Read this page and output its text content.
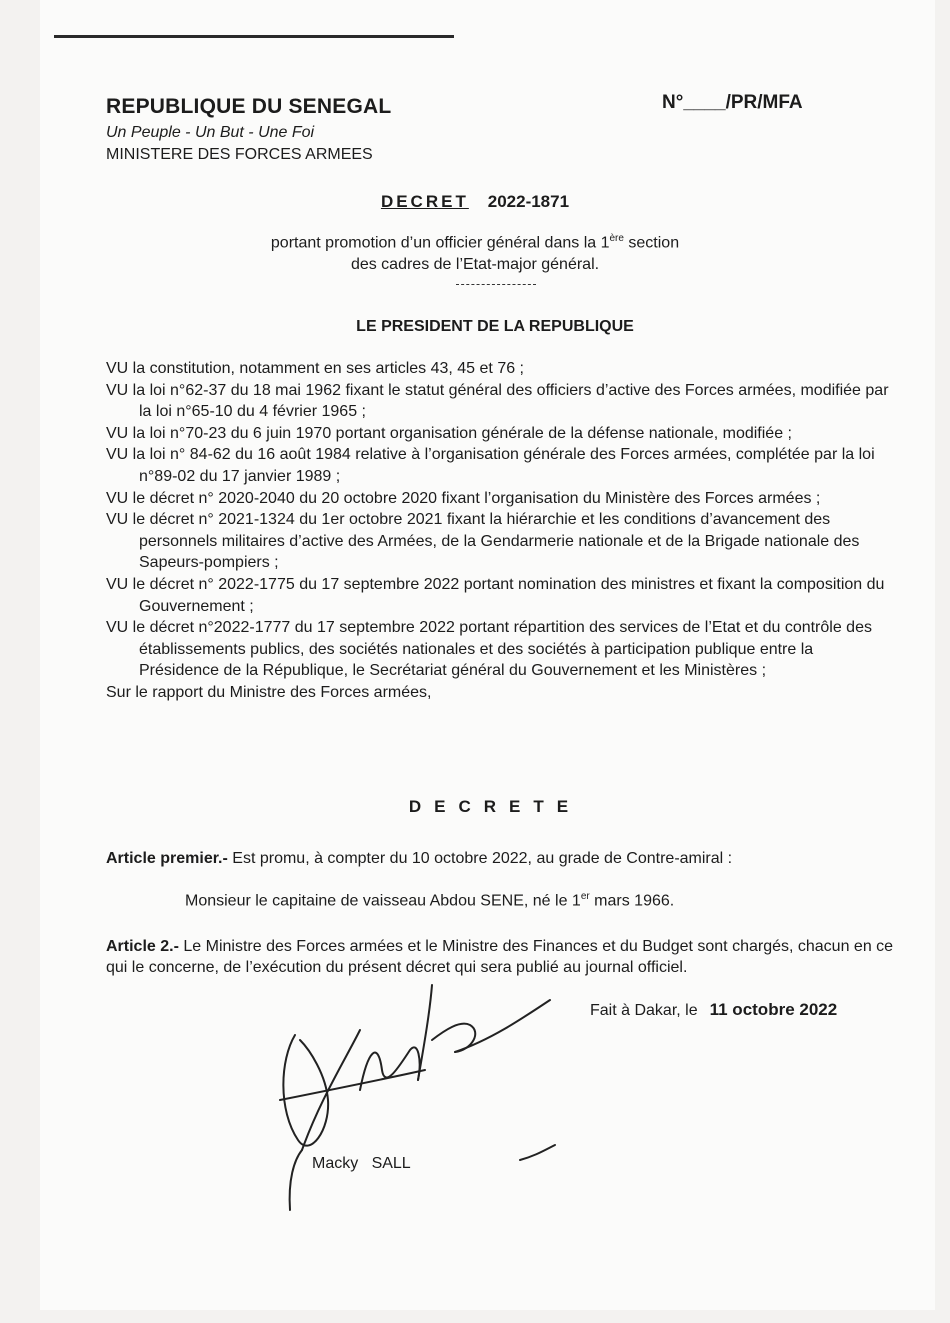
REPUBLIQUE DU SENEGAL
Un Peuple - Un But - Une Foi
MINISTERE DES FORCES ARMEES
N°____/PR/MFA
DECRET 2022-1871
portant promotion d’un officier général dans la 1ère section
des cadres de l’Etat-major général.
LE PRESIDENT DE LA REPUBLIQUE
VU la constitution, notamment en ses articles 43, 45 et 76 ;
VU la loi n°62-37 du 18 mai 1962 fixant le statut général des officiers d’active des Forces armées, modifiée par la loi n°65-10 du 4 février 1965 ;
VU la loi n°70-23 du 6 juin 1970 portant organisation générale de la défense nationale, modifiée ;
VU la loi n° 84-62 du 16 août 1984 relative à l’organisation générale des Forces armées, complétée par la loi n°89-02 du 17 janvier 1989 ;
VU le décret n° 2020-2040 du 20 octobre 2020 fixant l’organisation du Ministère des Forces armées ;
VU le décret n° 2021-1324 du 1er octobre 2021 fixant la hiérarchie et les conditions d’avancement des personnels militaires d’active des Armées, de la Gendarmerie nationale et de la Brigade nationale des Sapeurs-pompiers ;
VU le décret n° 2022-1775 du 17 septembre 2022 portant nomination des ministres et fixant la composition du Gouvernement ;
VU le décret n°2022-1777 du 17 septembre 2022 portant répartition des services de l’Etat et du contrôle des établissements publics, des sociétés nationales et des sociétés à participation publique entre la Présidence de la République, le Secrétariat général du Gouvernement et les Ministères ;
Sur le rapport du Ministre des Forces armées,
DECRETE
Article premier.- Est promu, à compter du 10 octobre 2022, au grade de Contre-amiral :
Monsieur le capitaine de vaisseau Abdou SENE, né le 1er mars 1966.
Article 2.- Le Ministre des Forces armées et le Ministre des Finances et du Budget sont chargés, chacun en ce qui le concerne, de l’exécution du présent décret qui sera publié au journal officiel.
Fait à Dakar, le 11 octobre 2022
Macky   SALL
